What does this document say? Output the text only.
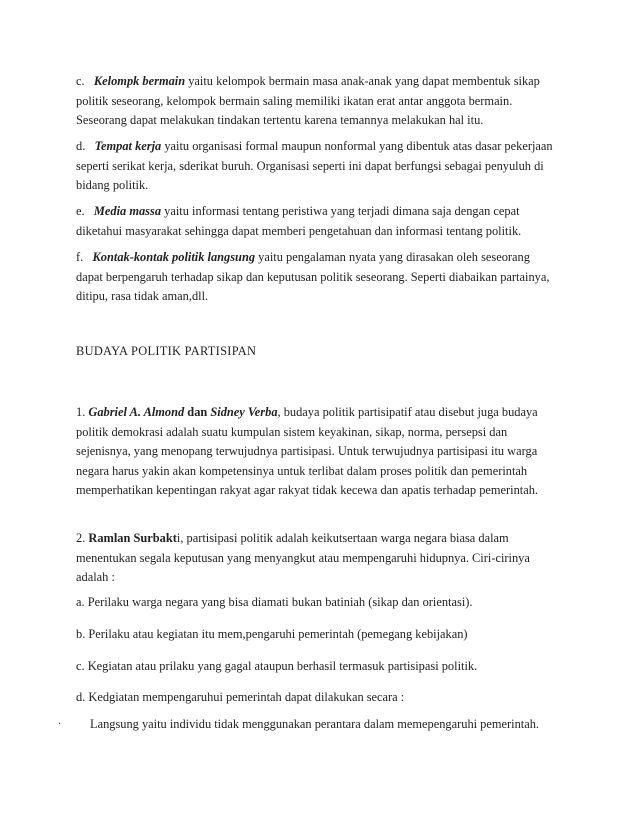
c. Kelompk bermain yaitu kelompok bermain masa anak-anak yang dapat membentuk sikap
politik seseorang, kelompok bermain saling memiliki ikatan erat antar anggota bermain.
Seseorang dapat melakukan tindakan tertentu karena temannya melakukan hal itu.
d. Tempat kerja yaitu organisasi formal maupun nonformal yang dibentuk atas dasar pekerjaan
seperti serikat kerja, sderikat buruh. Organisasi seperti ini dapat berfungsi sebagai penyuluh di
bidang politik.
e. Media massa yaitu informasi tentang peristiwa yang terjadi dimana saja dengan cepat
diketahui masyarakat sehingga dapat memberi pengetahuan dan informasi tentang politik.
f. Kontak-kontak politik langsung yaitu pengalaman nyata yang dirasakan oleh seseorang
dapat berpengaruh terhadap sikap dan keputusan politik seseorang. Seperti diabaikan partainya,
ditipu, rasa tidak aman,dll.
BUDAYA POLITIK PARTISIPAN
1. Gabriel A. Almond dan Sidney Verba, budaya politik partisipatif atau disebut juga budaya
politik demokrasi adalah suatu kumpulan sistem keyakinan, sikap, norma, persepsi dan
sejenisnya, yang menopang terwujudnya partisipasi. Untuk terwujudnya partisipasi itu warga
negara harus yakin akan kompetensinya untuk terlibat dalam proses politik dan pemerintah
memperhatikan kepentingan rakyat agar rakyat tidak kecewa dan apatis terhadap pemerintah.
2. Ramlan Surbakti, partisipasi politik adalah keikutsertaan warga negara biasa dalam
menentukan segala keputusan yang menyangkut atau mempengaruhi hidupnya. Ciri-cirinya
adalah :
a. Perilaku warga negara yang bisa diamati bukan batiniah (sikap dan orientasi).
b. Perilaku atau kegiatan itu mem,pengaruhi pemerintah (pemegang kebijakan)
c. Kegiatan atau prilaku yang gagal ataupun berhasil termasuk partisipasi politik.
d. Kedgiatan mempengaruhui pemerintah dapat dilakukan secara :
· Langsung yaitu individu tidak menggunakan perantara dalam memepengaruhi pemerintah.
